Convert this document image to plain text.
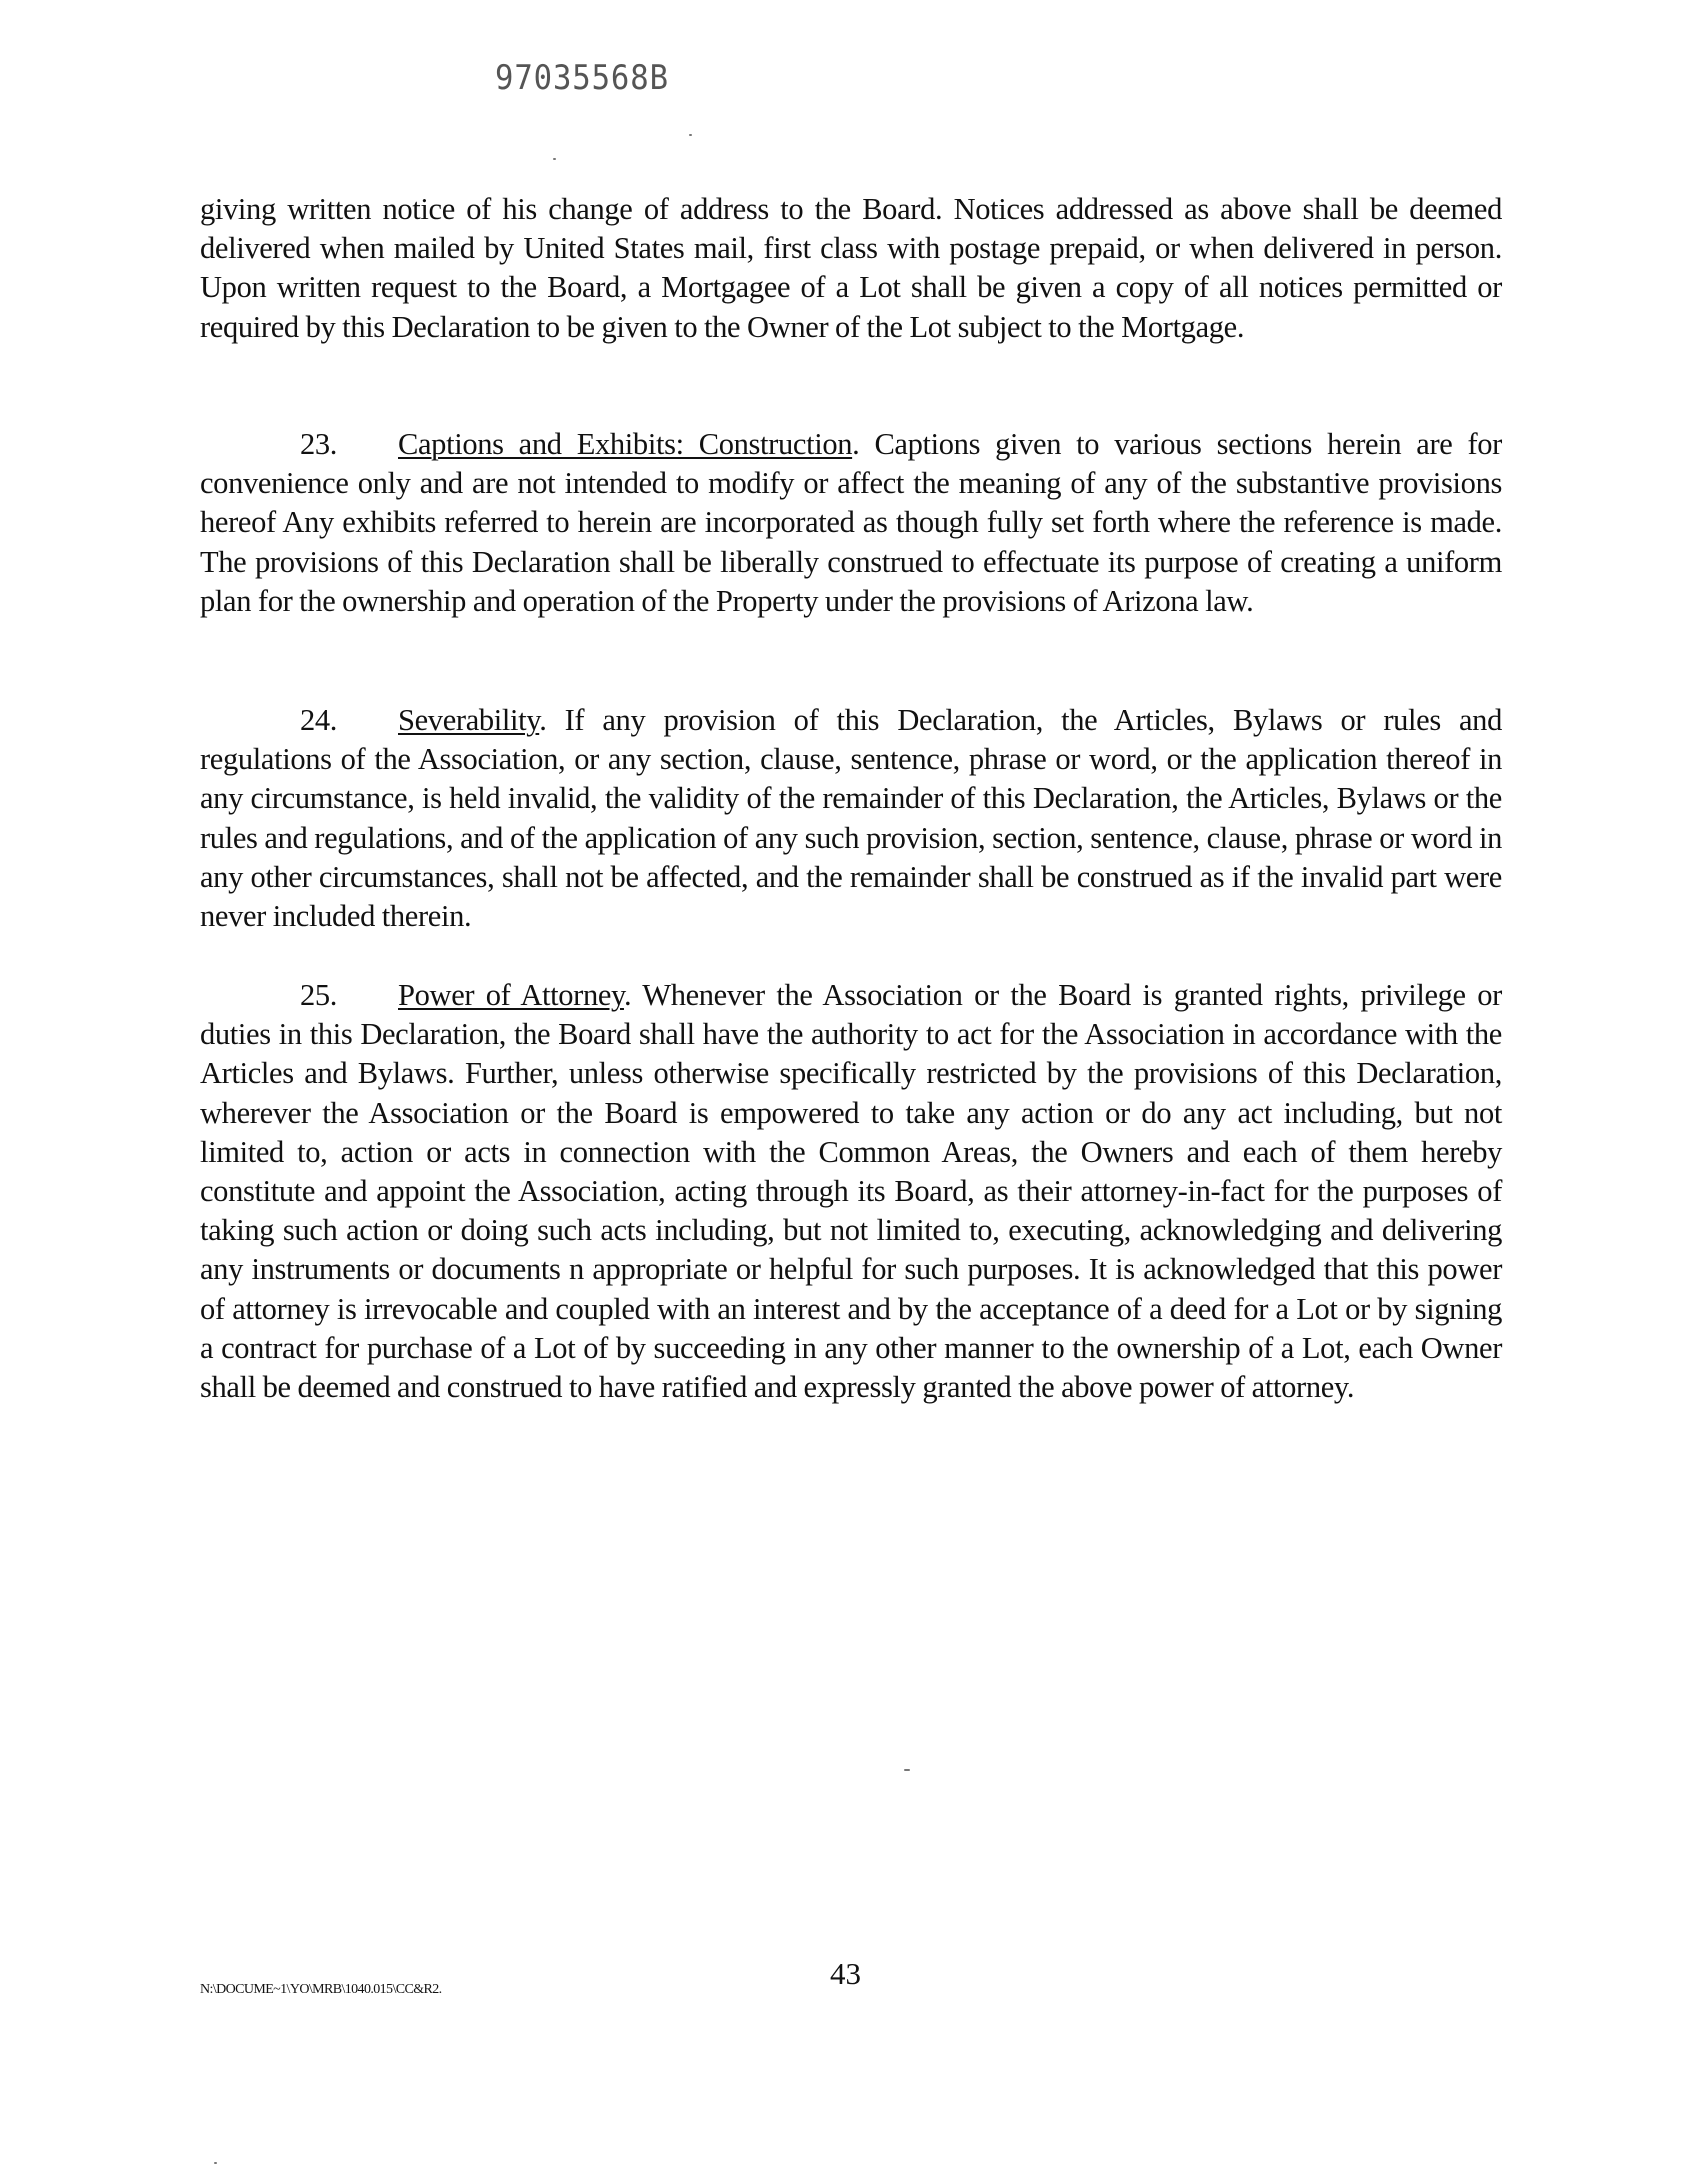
97035568B

giving written notice of his change of address to the Board. Notices addressed as above shall be deemed delivered when mailed by United States mail, first class with postage prepaid, or when delivered in person. Upon written request to the Board, a Mortgagee of a Lot shall be given a copy of all notices permitted or required by this Declaration to be given to the Owner of the Lot subject to the Mortgage.

23. Captions and Exhibits: Construction. Captions given to various sections herein are for convenience only and are not intended to modify or affect the meaning of any of the substantive provisions hereof Any exhibits referred to herein are incorporated as though fully set forth where the reference is made. The provisions of this Declaration shall be liberally construed to effectuate its purpose of creating a uniform plan for the ownership and operation of the Property under the provisions of Arizona law.

24. Severability. If any provision of this Declaration, the Articles, Bylaws or rules and regulations of the Association, or any section, clause, sentence, phrase or word, or the application thereof in any circumstance, is held invalid, the validity of the remainder of this Declaration, the Articles, Bylaws or the rules and regulations, and of the application of any such provision, section, sentence, clause, phrase or word in any other circumstances, shall not be affected, and the remainder shall be construed as if the invalid part were never included therein.

25. Power of Attorney. Whenever the Association or the Board is granted rights, privilege or duties in this Declaration, the Board shall have the authority to act for the Association in accordance with the Articles and Bylaws. Further, unless otherwise specifically restricted by the provisions of this Declaration, wherever the Association or the Board is empowered to take any action or do any act including, but not limited to, action or acts in connection with the Common Areas, the Owners and each of them hereby constitute and appoint the Association, acting through its Board, as their attorney-in-fact for the purposes of taking such action or doing such acts including, but not limited to, executing, acknowledging and delivering any instruments or documents n appropriate or helpful for such purposes. It is acknowledged that this power of attorney is irrevocable and coupled with an interest and by the acceptance of a deed for a Lot or by signing a contract for purchase of a Lot of by succeeding in any other manner to the ownership of a Lot, each Owner shall be deemed and construed to have ratified and expressly granted the above power of attorney.

N:\DOCUME~1\YO\MRB\1040.015\CC&R2.	43
